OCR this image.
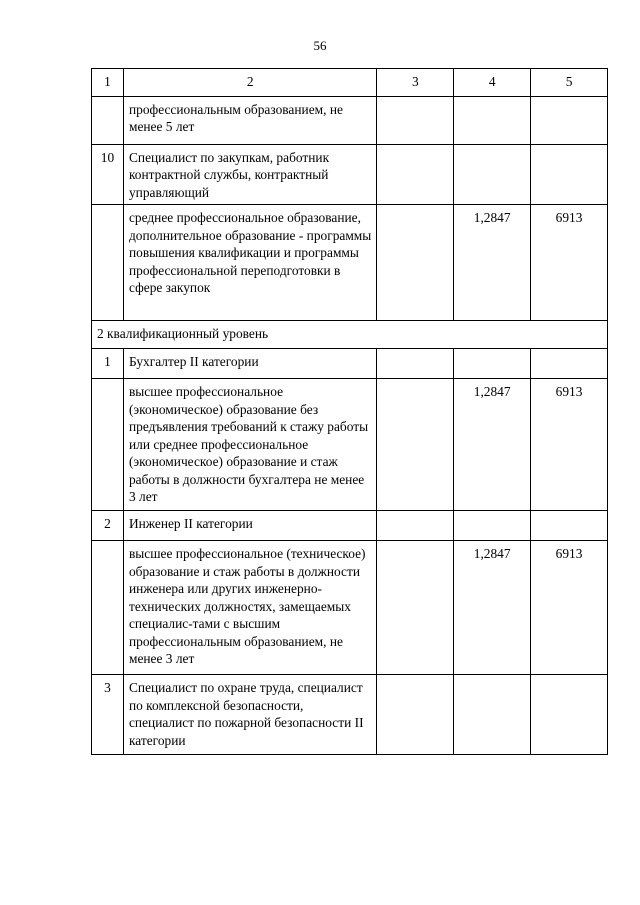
56
1	2	3	4	5
	профессиональным образованием, не менее 5 лет			
10	Специалист по закупкам, работник контрактной службы, контрактный управляющий			
	среднее профессиональное образование, дополнительное образование - программы повышения квалификации и программы профессиональной переподготовки в сфере закупок		1,2847	6913
2 квалификационный уровень				
1	Бухгалтер II категории			
	высшее профессиональное (экономическое) образование без предъявления требований к стажу работы или среднее профессиональное (экономическое) образование и стаж работы в должности бухгалтера не менее 3 лет		1,2847	6913
2	Инженер II категории			
	высшее профессиональное (техническое) образование и стаж работы в должности инженера или других инженерно-технических должностях, замещаемых специалис-тами с высшим профессиональным образованием, не менее 3 лет		1,2847	6913
3	Специалист по охране труда, специалист по комплексной безопасности, специалист по пожарной безопасности II категории			
